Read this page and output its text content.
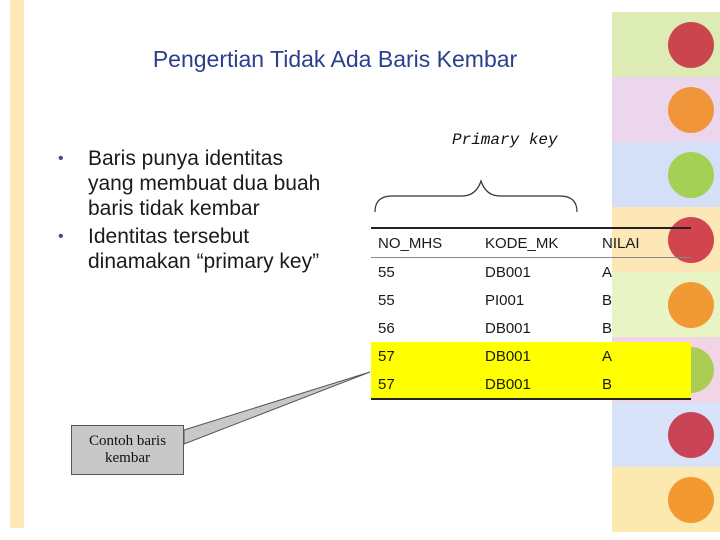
Pengertian Tidak Ada Baris Kembar
•	Baris punya identitas yang membuat dua buah baris tidak kembar
•	Identitas tersebut dinamakan “primary key”
Primary key
NO_MHS	KODE_MK	NILAI
55	DB001	A
55	PI001	B
56	DB001	B
57	DB001	A
57	DB001	B
Contoh baris kembar
